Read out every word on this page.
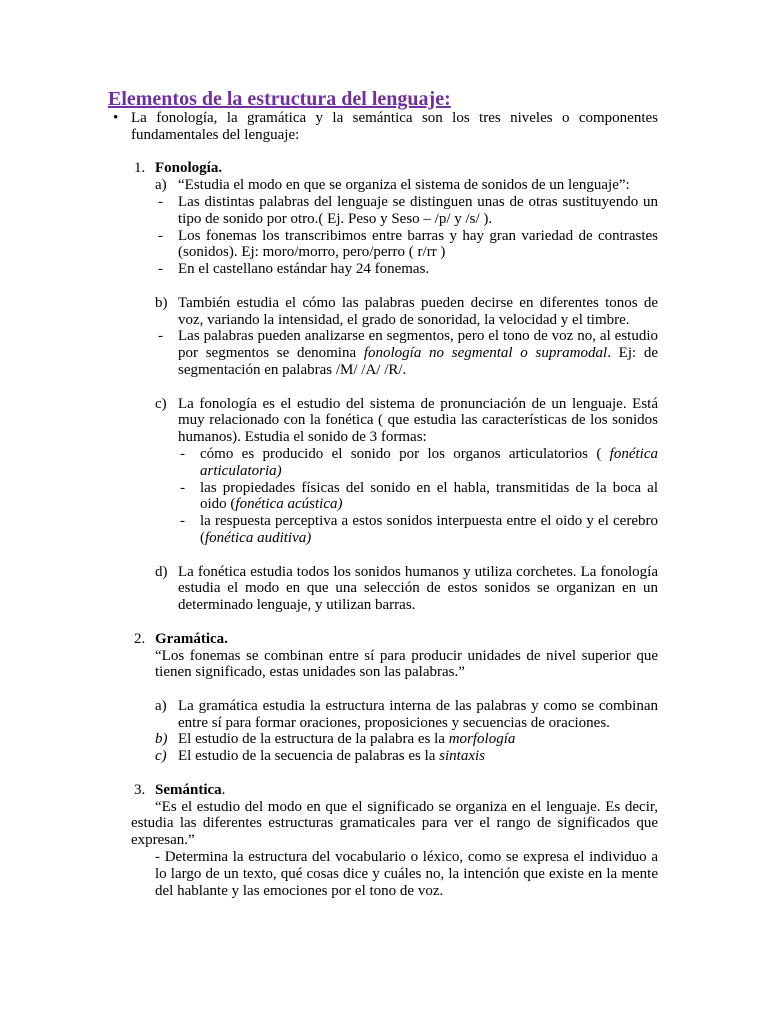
Elementos de la estructura del lenguaje:
• La fonología, la gramática y la semántica son los tres niveles o componentes fundamentales del lenguaje:
1. Fonología.
a) “Estudia el modo en que se organiza el sistema de sonidos de un lenguaje”:
- Las distintas palabras del lenguaje se distinguen unas de otras sustituyendo un tipo de sonido por otro.( Ej. Peso y Seso – /p/ y /s/ ).
- Los fonemas los transcribimos entre barras y hay gran variedad de contrastes (sonidos). Ej: moro/morro, pero/perro ( r/rr )
- En el castellano estándar hay 24 fonemas.
b) También estudia el cómo las palabras pueden decirse en diferentes tonos de voz, variando la intensidad, el grado de sonoridad, la velocidad y el timbre.
- Las palabras pueden analizarse en segmentos, pero el tono de voz no, al estudio por segmentos se denomina fonología no segmental o supramodal. Ej: de segmentación en palabras /M/ /A/ /R/.
c) La fonología es el estudio del sistema de pronunciación de un lenguaje. Está muy relacionado con la fonética ( que estudia las características de los sonidos humanos). Estudia el sonido de 3 formas:
- cómo es producido el sonido por los organos articulatorios ( fonética articulatoria)
- las propiedades físicas del sonido en el habla, transmitidas de la boca al oido (fonética acústica)
- la respuesta perceptiva a estos sonidos interpuesta entre el oido y el cerebro (fonética auditiva)
d) La fonética estudia todos los sonidos humanos y utiliza corchetes. La fonología estudia el modo en que una selección de estos sonidos se organizan en un determinado lenguaje, y utilizan barras.
2. Gramática.
“Los fonemas se combinan entre sí para producir unidades de nivel superior que tienen significado, estas unidades son las palabras.”
a) La gramática estudia la estructura interna de las palabras y como se combinan entre sí para formar oraciones, proposiciones y secuencias de oraciones.
b) El estudio de la estructura de la palabra es la morfología
c) El estudio de la secuencia de palabras es la sintaxis
3. Semántica.
“Es el estudio del modo en que el significado se organiza en el lenguaje. Es decir, estudia las diferentes estructuras gramaticales para ver el rango de significados que expresan.”
- Determina la estructura del vocabulario o léxico, como se expresa el individuo a lo largo de un texto, qué cosas dice y cuáles no, la intención que existe en la mente del hablante y las emociones por el tono de voz.
